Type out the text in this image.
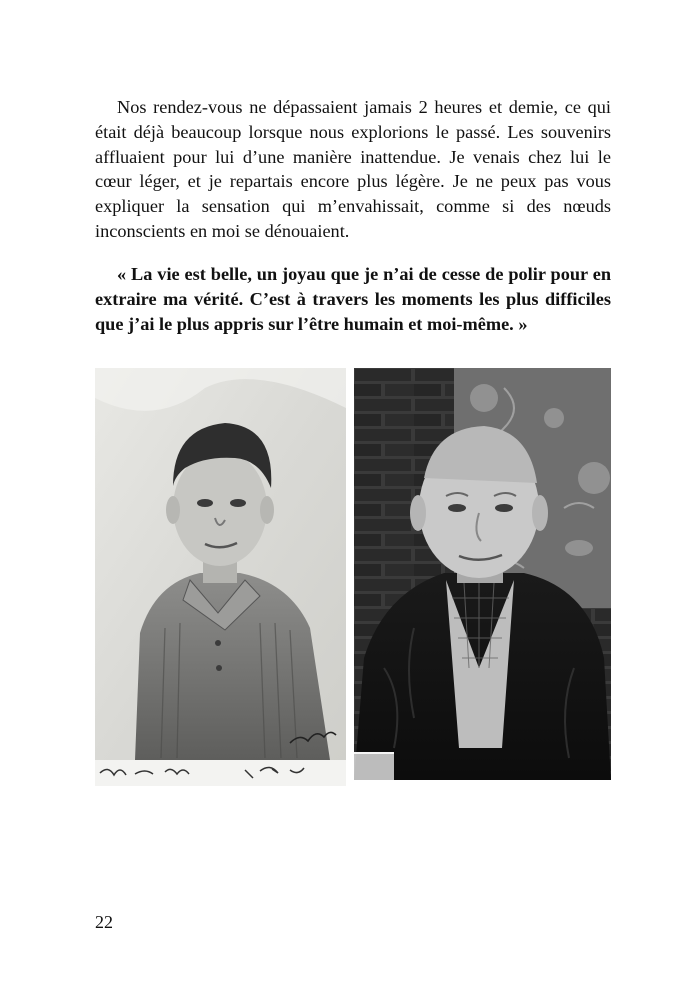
Nos rendez-vous ne dépassaient jamais 2 heures et demie, ce qui était déjà beaucoup lorsque nous explorions le passé. Les souvenirs affluaient pour lui d’une manière inattendue. Je venais chez lui le cœur léger, et je repartais encore plus légère. Je ne peux pas vous expliquer la sensation qui m’envahissait, comme si des nœuds inconscients en moi se dénouaient.

« La vie est belle, un joyau que je n’ai de cesse de polir pour en extraire ma vérité. C’est à travers les moments les plus difficiles que j’ai le plus appris sur l’être humain et moi-même. »

22
